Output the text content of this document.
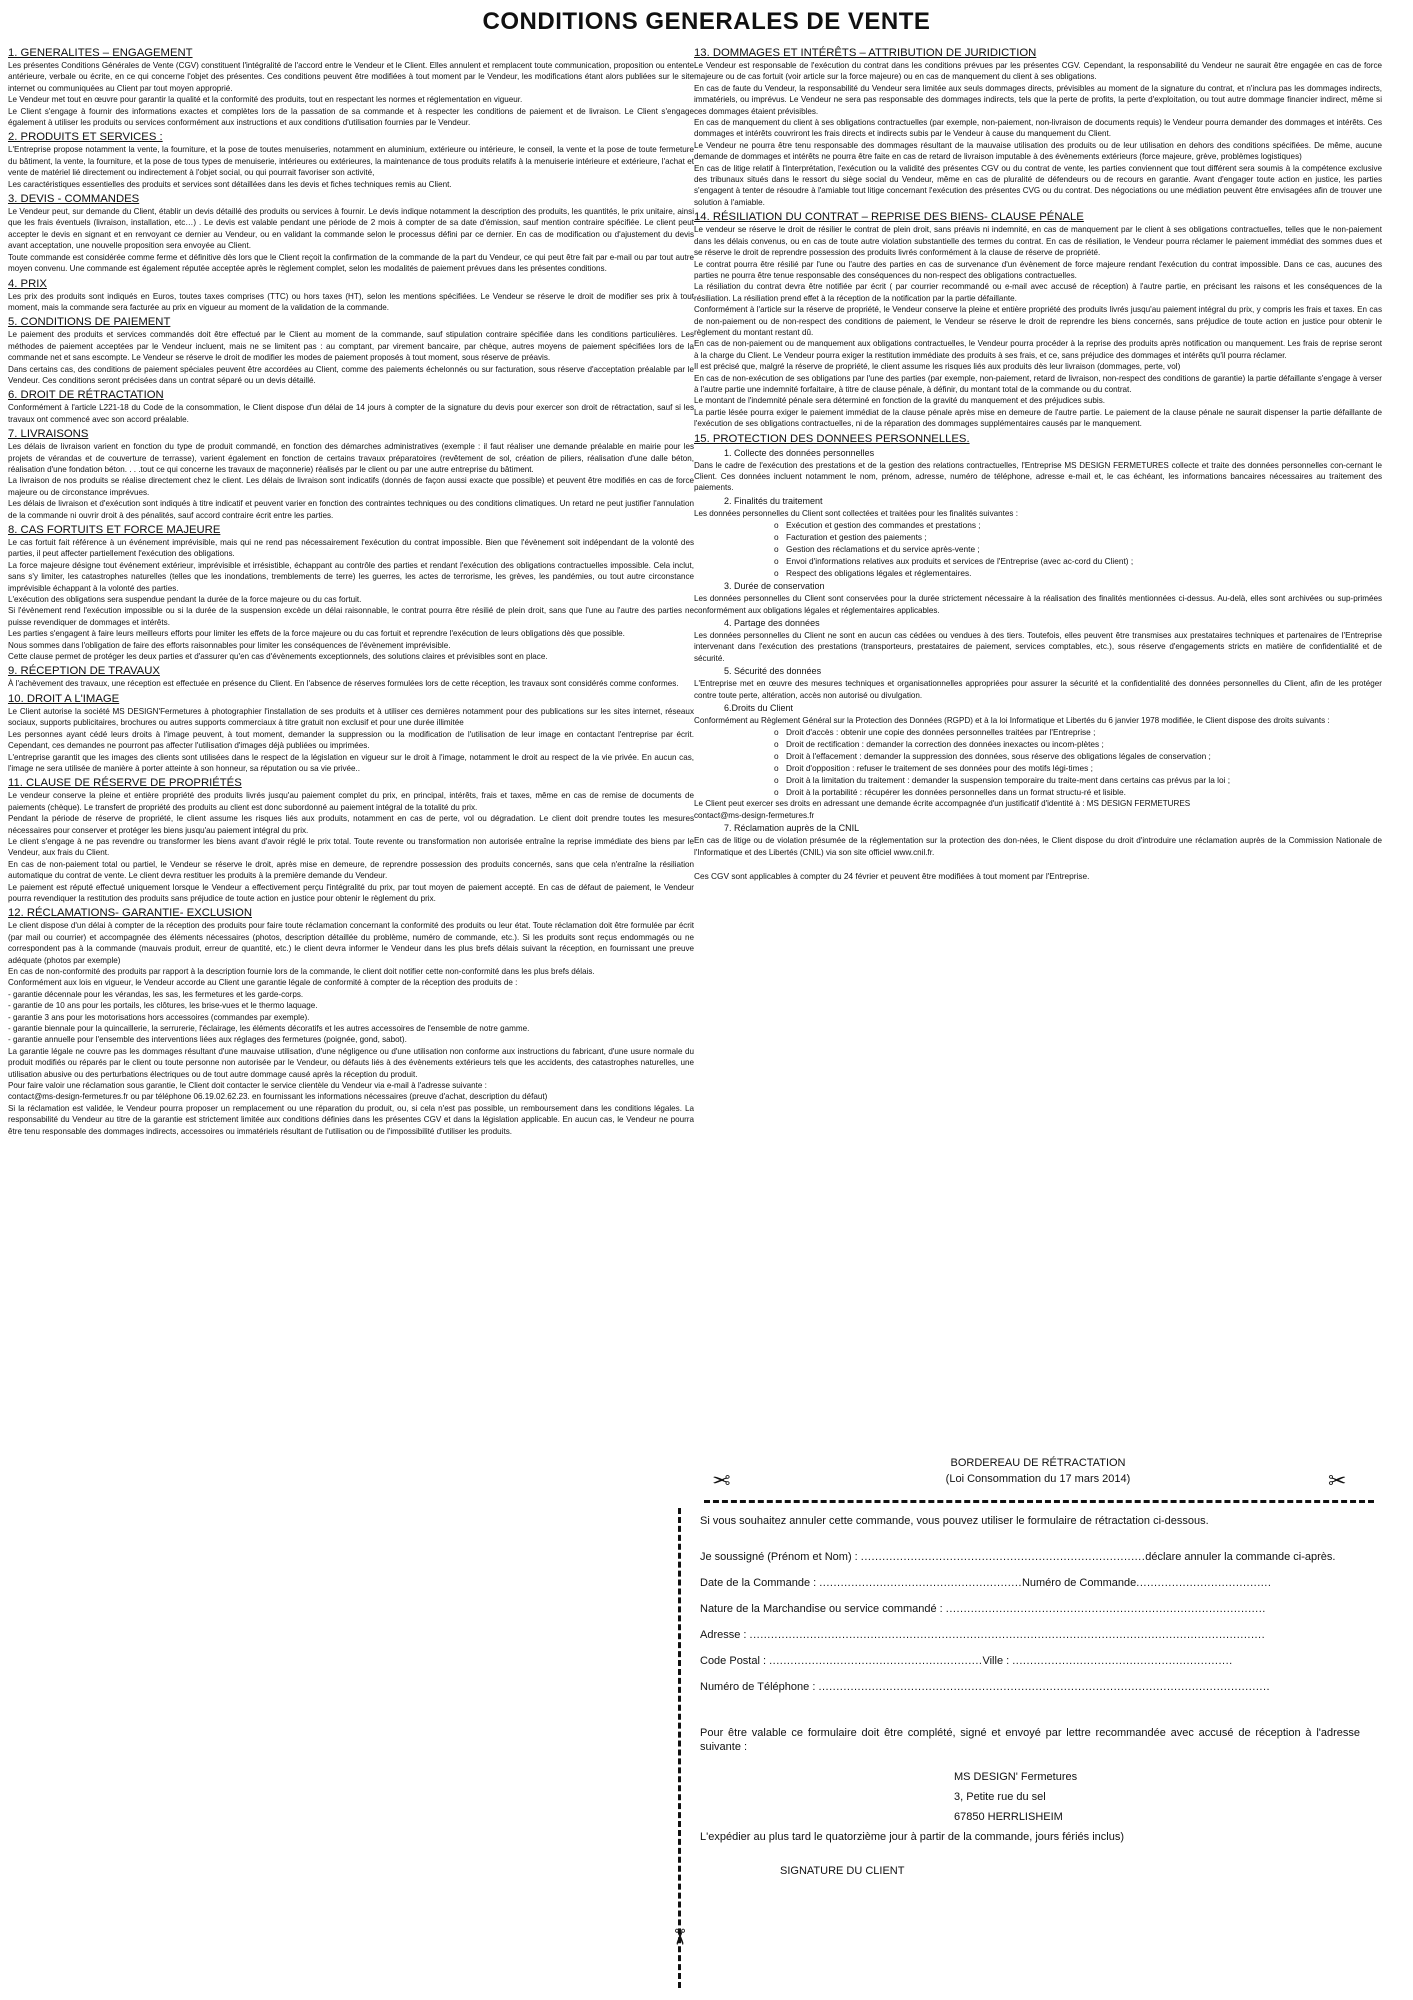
CONDITIONS GENERALES DE VENTE
1. GENERALITES – ENGAGEMENT

Les présentes Conditions Générales de Vente (CGV) constituent l'intégralité de l'accord entre le Vendeur et le Client. Elles annulent et remplacent toute communication, proposition ou entente antérieure, verbale ou écrite, en ce qui concerne l'objet des présentes. Ces conditions peuvent être modifiées à tout moment par le Vendeur, les modifications étant alors publiées sur le site internet ou communiquées au Client par tout moyen approprié.

Le Vendeur met tout en œuvre pour garantir la qualité et la conformité des produits, tout en respectant les normes et réglementation en vigueur.

Le Client s'engage à fournir des informations exactes et complètes lors de la passation de sa commande et à respecter les conditions de paiement et de livraison. Le Client s'engage également à utiliser les produits ou services conformément aux instructions et aux conditions d'utilisation fournies par le Vendeur.

2. PRODUITS ET SERVICES :

L'Entreprise propose notamment la vente, la fourniture, et la pose de toutes menuiseries, notamment en aluminium, extérieure ou intérieure, le conseil, la vente et la pose de toute fermeture du bâtiment, la vente, la fourniture, et la pose de tous types de menuiserie, intérieures ou extérieures, la maintenance de tous produits relatifs à la menuiserie intérieure et extérieure, l'achat et vente de matériel lié directement ou indirectement à l'objet social, ou qui pourrait favoriser son activité,

Les caractéristiques essentielles des produits et services sont détaillées dans les devis et fiches techniques remis au Client.

3. DEVIS - COMMANDES

Le Vendeur peut, sur demande du Client, établir un devis détaillé des produits ou services à fournir. Le devis indique notamment la description des produits, les quantités, le prix unitaire, ainsi que les frais éventuels (livraison, installation, etc…) . Le devis est valable pendant une période de 2 mois à compter de sa date d'émission, sauf mention contraire spécifiée. Le client peut accepter le devis en signant et en renvoyant ce dernier au Vendeur, ou en validant la commande selon le processus défini par ce dernier. En cas de modification ou d'ajustement du devis avant acceptation, une nouvelle proposition sera envoyée au Client.

Toute commande est considérée comme ferme et définitive dès lors que le Client reçoit la confirmation de la commande de la part du Vendeur, ce qui peut être fait par e-mail ou par tout autre moyen convenu. Une commande est également réputée acceptée après le règlement complet, selon les modalités de paiement prévues dans les présentes conditions.

4. PRIX

Les prix des produits sont indiqués en Euros, toutes taxes comprises (TTC) ou hors taxes (HT), selon les mentions spécifiées. Le Vendeur se réserve le droit de modifier ses prix à tout moment, mais la commande sera facturée au prix en vigueur au moment de la validation de la commande.

5. CONDITIONS DE PAIEMENT

Le paiement des produits et services commandés doit être effectué par le Client au moment de la commande, sauf stipulation contraire spécifiée dans les conditions particulières. Les méthodes de paiement acceptées par le Vendeur incluent, mais ne se limitent pas : au comptant, par virement bancaire, par chèque, autres moyens de paiement spécifiées lors de la commande net et sans escompte. Le Vendeur se réserve le droit de modifier les modes de paiement proposés à tout moment, sous réserve de préavis.

Dans certains cas, des conditions de paiement spéciales peuvent être accordées au Client, comme des paiements échelonnés ou sur facturation, sous réserve d'acceptation préalable par le Vendeur. Ces conditions seront précisées dans un contrat séparé ou un devis détaillé.

6. DROIT DE RÉTRACTATION

Conformément à l'article L221-18 du Code de la consommation, le Client dispose d'un délai de 14 jours à compter de la signature du devis pour exercer son droit de rétractation, sauf si les travaux ont commencé avec son accord préalable.

7. LIVRAISONS

Les délais de livraison varient en fonction du type de produit commandé, en fonction des démarches administratives (exemple : il faut réaliser une demande préalable en mairie pour les projets de vérandas et de couverture de terrasse), varient également en fonction de certains travaux préparatoires (revêtement de sol, création de piliers, réalisation d'une dalle béton, réalisation d'une fondation béton. . . .tout ce qui concerne les travaux de maçonnerie) réalisés par le client ou par une autre entreprise du bâtiment.

La livraison de nos produits se réalise directement chez le client. Les délais de livraison sont indicatifs (donnés de façon aussi exacte que possible) et peuvent être modifiés en cas de force majeure ou de circonstance imprévues.

Les délais de livraison et d'exécution sont indiqués à titre indicatif et peuvent varier en fonction des contraintes techniques ou des conditions climatiques. Un retard ne peut justifier l'annulation de la commande ni ouvrir droit à des pénalités, sauf accord contraire écrit entre les parties.

8. CAS FORTUITS ET FORCE MAJEURE

Le cas fortuit fait référence à un événement imprévisible, mais qui ne rend pas nécessairement l'exécution du contrat impossible. Bien que l'évènement soit indépendant de la volonté des parties, il peut affecter partiellement l'exécution des obligations.

La force majeure désigne tout événement extérieur, imprévisible et irrésistible, échappant au contrôle des parties et rendant l'exécution des obligations contractuelles impossible. Cela inclut, sans s'y limiter, les catastrophes naturelles (telles que les inondations, tremblements de terre) les guerres, les actes de terrorisme, les grèves, les pandémies, ou tout autre circonstance imprévisible échappant à la volonté des parties.

L'exécution des obligations sera suspendue pendant la durée de la force majeure ou du cas fortuit.

Si l'évènement rend l'exécution impossible ou si la durée de la suspension excède un délai raisonnable, le contrat pourra être résilié de plein droit, sans que l'une au l'autre des parties ne puisse revendiquer de dommages et intérêts.

Les parties s'engagent à faire leurs meilleurs efforts pour limiter les effets de la force majeure ou du cas fortuit et reprendre l'exécution de leurs obligations dès que possible.

Nous sommes dans l'obligation de faire des efforts raisonnables pour limiter les conséquences de l'évènement imprévisible.

Cette clause permet de protéger les deux parties et d'assurer qu'en cas d'évènements exceptionnels, des solutions claires et prévisibles sont en place.

9. RÉCEPTION DE TRAVAUX

À l'achèvement des travaux, une réception est effectuée en présence du Client. En l'absence de réserves formulées lors de cette réception, les travaux sont considérés comme conformes.

10. DROIT A L'IMAGE

Le Client autorise la société MS DESIGN'Fermetures à photographier l'installation de ses produits et à utiliser ces dernières notamment pour des publications sur les sites internet, réseaux sociaux, supports publicitaires, brochures ou autres supports commerciaux à titre gratuit non exclusif et pour une durée illimitée

Les personnes ayant cédé leurs droits à l'image peuvent, à tout moment, demander la suppression ou la modification de l'utilisation de leur image en contactant l'entreprise par écrit. Cependant, ces demandes ne pourront pas affecter l'utilisation d'images déjà publiées ou imprimées.

L'entreprise garantit que les images des clients sont utilisées dans le respect de la législation en vigueur sur le droit à l'image, notamment le droit au respect de la vie privée. En aucun cas, l'image ne sera utilisée de manière à porter atteinte à son honneur, sa réputation ou sa vie privée..

11. CLAUSE DE RÉSERVE DE PROPRIÉTÉS

Le vendeur conserve la pleine et entière propriété des produits livrés jusqu'au paiement complet du prix, en principal, intérêts, frais et taxes, même en cas de remise de documents de paiements (chèque). Le transfert de propriété des produits au client est donc subordonné au paiement intégral de la totalité du prix.

Pendant la période de réserve de propriété, le client assume les risques liés aux produits, notamment en cas de perte, vol ou dégradation. Le client doit prendre toutes les mesures nécessaires pour conserver et protéger les biens jusqu'au paiement intégral du prix.

Le client s'engage à ne pas revendre ou transformer les biens avant d'avoir réglé le prix total. Toute revente ou transformation non autorisée entraîne la reprise immédiate des biens par le Vendeur, aux frais du Client.

En cas de non-paiement total ou partiel, le Vendeur se réserve le droit, après mise en demeure, de reprendre possession des produits concernés, sans que cela n'entraîne la résiliation automatique du contrat de vente. Le client devra restituer les produits à la première demande du Vendeur.

Le paiement est réputé effectué uniquement lorsque le Vendeur a effectivement perçu l'intégralité du prix, par tout moyen de paiement accepté. En cas de défaut de paiement, le Vendeur pourra revendiquer la restitution des produits sans préjudice de toute action en justice pour obtenir le règlement du prix.

12. RÉCLAMATIONS- GARANTIE- EXCLUSION

Le client dispose d'un délai à compter de la réception des produits pour faire toute réclamation concernant la conformité des produits ou leur état. Toute réclamation doit être formulée par écrit (par mail ou courrier) et accompagnée des éléments nécessaires (photos, description détaillée du problème, numéro de commande, etc.). Si les produits sont reçus endommagés ou ne correspondent pas à la commande (mauvais produit, erreur de quantité, etc.) le client devra informer le Vendeur dans les plus brefs délais suivant la réception, en fournissant une preuve adéquate (photos par exemple)

En cas de non-conformité des produits par rapport à la description fournie lors de la commande, le client doit notifier cette non-conformité dans les plus brefs délais.

Conformément aux lois en vigueur, le Vendeur accorde au Client une garantie légale de conformité à compter de la réception des produits de :

- garantie décennale pour les vérandas, les sas, les fermetures et les garde-corps.

- garantie de 10 ans pour les portails, les clôtures, les brise-vues et le thermo laquage.

- garantie 3 ans pour les motorisations hors accessoires (commandes par exemple).

- garantie biennale pour la quincaillerie, la serrurerie, l'éclairage, les éléments décoratifs et les autres accessoires de l'ensemble de notre gamme.

- garantie annuelle pour l'ensemble des interventions liées aux réglages des fermetures (poignée, gond, sabot).

La garantie légale ne couvre pas les dommages résultant d'une mauvaise utilisation, d'une négligence ou d'une utilisation non conforme aux instructions du fabricant, d'une usure normale du produit modifiés ou réparés par le client ou toute personne non autorisée par le Vendeur, ou défauts liés à des évènements extérieurs tels que les accidents, des catastrophes naturelles, une utilisation abusive ou des perturbations électriques ou de tout autre dommage causé après la réception du produit.

Pour faire valoir une réclamation sous garantie, le Client doit contacter le service clientèle du Vendeur via e-mail à l'adresse suivante :

contact@ms-design-fermetures.fr ou par téléphone 06.19.02.62.23. en fournissant les informations nécessaires (preuve d'achat, description du défaut)

Si la réclamation est validée, le Vendeur pourra proposer un remplacement ou une réparation du produit, ou, si cela n'est pas possible, un remboursement dans les conditions légales. La responsabilité du Vendeur au titre de la garantie est strictement limitée aux conditions définies dans les présentes CGV et dans la législation applicable. En aucun cas, le Vendeur ne pourra être tenu responsable des dommages indirects, accessoires ou immatériels résultant de l'utilisation ou de l'impossibilité d'utiliser les produits.

13. DOMMAGES ET INTÉRÊTS – ATTRIBUTION DE JURIDICTION

Le Vendeur est responsable de l'exécution du contrat dans les conditions prévues par les présentes CGV. Cependant, la responsabilité du Vendeur ne saurait être engagée en cas de force majeure ou de cas fortuit (voir article sur la force majeure) ou en cas de manquement du client à ses obligations.

En cas de faute du Vendeur, la responsabilité du Vendeur sera limitée aux seuls dommages directs, prévisibles au moment de la signature du contrat, et n'inclura pas les dommages indirects, immatériels, ou imprévus. Le Vendeur ne sera pas responsable des dommages indirects, tels que la perte de profits, la perte d'exploitation, ou tout autre dommage financier indirect, même si ces dommages étaient prévisibles.

En cas de manquement du client à ses obligations contractuelles (par exemple, non-paiement, non-livraison de documents requis) le Vendeur pourra demander des dommages et intérêts. Ces dommages et intérêts couvriront les frais directs et indirects subis par le Vendeur à cause du manquement du Client.

Le Vendeur ne pourra être tenu responsable des dommages résultant de la mauvaise utilisation des produits ou de leur utilisation en dehors des conditions spécifiées. De même, aucune demande de dommages et intérêts ne pourra être faite en cas de retard de livraison imputable à des évènements extérieurs (force majeure, grève, problèmes logistiques)

En cas de litige relatif à l'interprétation, l'exécution ou la validité des présentes CGV ou du contrat de vente, les parties conviennent que tout différent sera soumis à la compétence exclusive des tribunaux situés dans le ressort du siège social du Vendeur, même en cas de pluralité de défendeurs ou de recours en garantie. Avant d'engager toute action en justice, les parties s'engagent à tenter de résoudre à l'amiable tout litige concernant l'exécution des présentes CVG ou du contrat. Des négociations ou une médiation peuvent être envisagées afin de trouver une solution à l'amiable.

14. RÉSILIATION DU CONTRAT – REPRISE DES BIENS- CLAUSE PÉNALE

Le vendeur se réserve le droit de résilier le contrat de plein droit, sans préavis ni indemnité, en cas de manquement par le client à ses obligations contractuelles, telles que le non-paiement dans les délais convenus, ou en cas de toute autre violation substantielle des termes du contrat. En cas de résiliation, le Vendeur pourra réclamer le paiement immédiat des sommes dues et se réserve le droit de reprendre possession des produits livrés conformément à la clause de réserve de propriété.

Le contrat pourra être résilié par l'une ou l'autre des parties en cas de survenance d'un évènement de force majeure rendant l'exécution du contrat impossible. Dans ce cas, aucunes des parties ne pourra être tenue responsable des conséquences du non-respect des obligations contractuelles.

La résiliation du contrat devra être notifiée par écrit ( par courrier recommandé ou e-mail avec accusé de réception) à l'autre partie, en précisant les raisons et les conséquences de la résiliation. La résiliation prend effet à la réception de la notification par la partie défaillante.

Conformément à l'article sur la réserve de propriété, le Vendeur conserve la pleine et entière propriété des produits livrés jusqu'au paiement intégral du prix, y compris les frais et taxes. En cas de non-paiement ou de non-respect des conditions de paiement, le Vendeur se réserve le droit de reprendre les biens concernés, sans préjudice de toute action en justice pour obtenir le règlement du montant restant dû.

En cas de non-paiement ou de manquement aux obligations contractuelles, le Vendeur pourra procéder à la reprise des produits après notification ou manquement. Les frais de reprise seront à la charge du Client. Le Vendeur pourra exiger la restitution immédiate des produits à ses frais, et ce, sans préjudice des dommages et intérêts qu'il pourra réclamer.

Il est précisé que, malgré la réserve de propriété, le client assume les risques liés aux produits dès leur livraison (dommages, perte, vol)

En cas de non-exécution de ses obligations par l'une des parties (par exemple, non-paiement, retard de livraison, non-respect des conditions de garantie) la partie défaillante s'engage à verser à l'autre partie une indemnité forfaitaire, à titre de clause pénale, à définir, du montant total de la commande ou du contrat.

Le montant de l'indemnité pénale sera déterminé en fonction de la gravité du manquement et des préjudices subis.

La partie lésée pourra exiger le paiement immédiat de la clause pénale après mise en demeure de l'autre partie. Le paiement de la clause pénale ne saurait dispenser la partie défaillante de l'exécution de ses obligations contractuelles, ni de la réparation des dommages supplémentaires causés par le manquement.

15. PROTECTION DES DONNEES PERSONNELLES.
1. Collecte des données personnelles

Dans le cadre de l'exécution des prestations et de la gestion des relations contractuelles, l'Entreprise MS DESIGN FERMETURES collecte et traite des données personnelles con-cernant le Client. Ces données incluent notamment le nom, prénom, adresse, numéro de téléphone, adresse e-mail et, le cas échéant, les informations bancaires nécessaires au traitement des paiements.

2. Finalités du traitement

Les données personnelles du Client sont collectées et traitées pour les finalités suivantes :

o Exécution et gestion des commandes et prestations ;
o Facturation et gestion des paiements ;
o Gestion des réclamations et du service après-vente ;
o Envoi d'informations relatives aux produits et services de l'Entreprise (avec ac-cord du Client) ;
o Respect des obligations légales et réglementaires.
3. Durée de conservation

Les données personnelles du Client sont conservées pour la durée strictement nécessaire à la réalisation des finalités mentionnées ci-dessus. Au-delà, elles sont archivées ou sup-primées conformément aux obligations légales et réglementaires applicables.

4. Partage des données

Les données personnelles du Client ne sont en aucun cas cédées ou vendues à des tiers. Toutefois, elles peuvent être transmises aux prestataires techniques et partenaires de l'Entreprise intervenant dans l'exécution des prestations (transporteurs, prestataires de paiement, services comptables, etc.), sous réserve d'engagements stricts en matière de confidentialité et de sécurité.

5. Sécurité des données

L'Entreprise met en œuvre des mesures techniques et organisationnelles appropriées pour assurer la sécurité et la confidentialité des données personnelles du Client, afin de les protéger contre toute perte, altération, accès non autorisé ou divulgation.

6.Droits du Client

Conformément au Règlement Général sur la Protection des Données (RGPD) et à la loi Informatique et Libertés du 6 janvier 1978 modifiée, le Client dispose des droits suivants :

o Droit d'accès : obtenir une copie des données personnelles traitées par l'Entreprise ;
o Droit de rectification : demander la correction des données inexactes ou incom-plètes ;
o Droit à l'effacement : demander la suppression des données, sous réserve des obligations légales de conservation ;
o Droit d'opposition : refuser le traitement de ses données pour des motifs légi-times ;
o Droit à la limitation du traitement : demander la suspension temporaire du traite-ment dans certains cas prévus par la loi ;
o Droit à la portabilité : récupérer les données personnelles dans un format structu-ré et lisible.

Le Client peut exercer ses droits en adressant une demande écrite accompagnée d'un justificatif d'identité à : MS DESIGN FERMETURES

contact@ms-design-fermetures.fr

7. Réclamation auprès de la CNIL

En cas de litige ou de violation présumée de la réglementation sur la protection des don-nées, le Client dispose du droit d'introduire une réclamation auprès de la Commission Nationale de l'Informatique et des Libertés (CNIL) via son site officiel www.cnil.fr.

Ces CGV sont applicables à compter du 24 février et peuvent être modifiées à tout moment par l'Entreprise.
BORDEREAU DE RÉTRACTATION
(Loi Consommation du 17 mars 2014)
✂	✂
✂
Si vous souhaitez annuler cette commande, vous pouvez utiliser le formulaire de rétractation ci-dessous.
Je soussigné (Prénom et Nom) : ................................................................................déclare annuler la commande ci-après.
Date de la Commande : .........................................................Numéro de Commande......................................
Nature de la Marchandise ou service commandé : ..........................................................................................
Adresse : .................................................................................................................................................
Code Postal : ............................................................Ville : ..............................................................
Numéro de Téléphone : ...............................................................................................................................
Pour être valable ce formulaire doit être complété, signé et envoyé par lettre recommandée avec accusé de réception à l'adresse suivante :
MS DESIGN' Fermetures
3, Petite rue du sel
67850 HERRLISHEIM
L'expédier au plus tard le quatorzième jour à partir de la commande, jours fériés inclus)
SIGNATURE DU CLIENT
